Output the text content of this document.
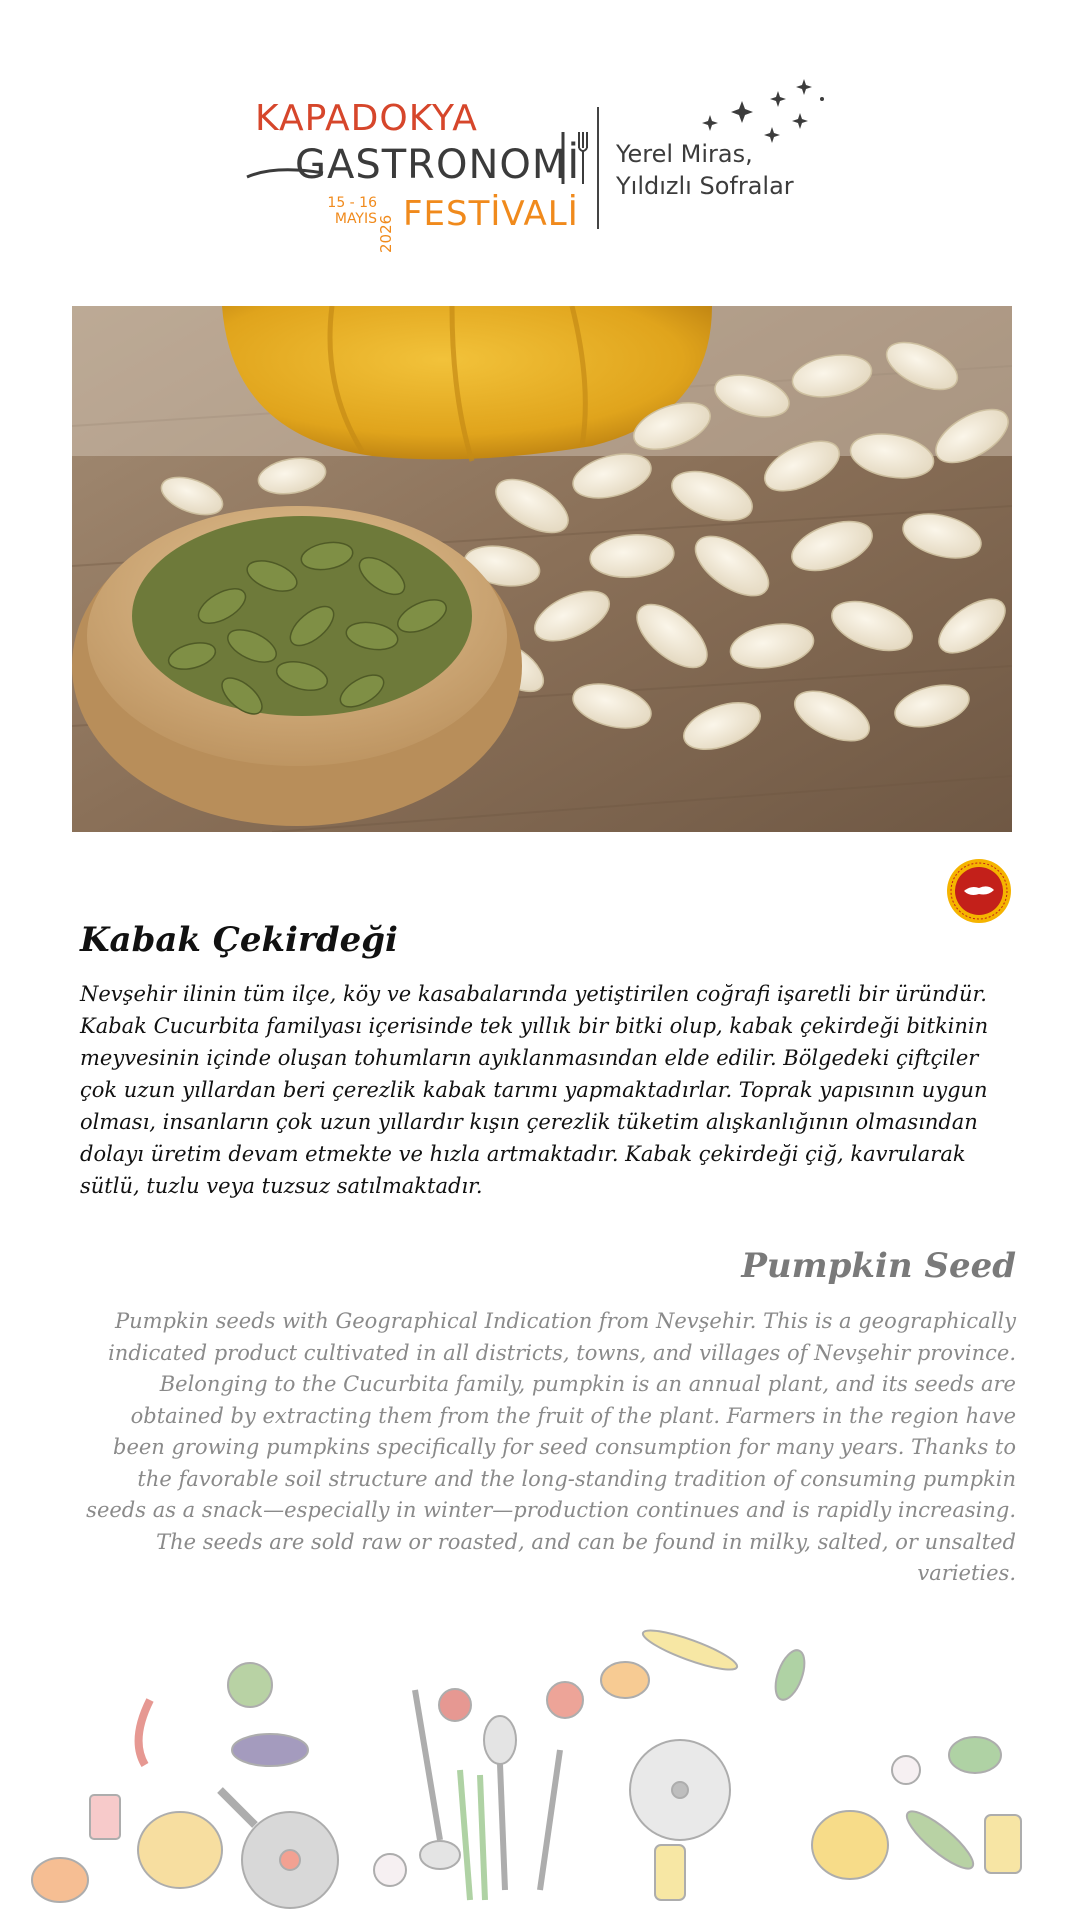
KAPADOKYA
GASTRONOMİ
15 - 16
MAYIS 2026 FESTİVALİ
Yerel Miras,
Yıldızlı Sofralar
Kabak Çekirdeği

Nevşehir ilinin tüm ilçe, köy ve kasabalarında yetiştirilen coğrafi işaretli bir üründür. Kabak Cucurbita familyası içerisinde tek yıllık bir bitki olup, kabak çekirdeği bitkinin meyvesinin içinde oluşan tohumların ayıklanmasından elde edilir. Bölgedeki çiftçiler çok uzun yıllardan beri çerezlik kabak tarımı yapmaktadırlar. Toprak yapısının uygun olması, insanların çok uzun yıllardır kışın çerezlik tüketim alışkanlığının olmasından dolayı üretim devam etmekte ve hızla artmaktadır. Kabak çekirdeği çiğ, kavrularak sütlü, tuzlu veya tuzsuz satılmaktadır.

Pumpkin Seed

Pumpkin seeds with Geographical Indication from Nevşehir. This is a geographically indicated product cultivated in all districts, towns, and villages of Nevşehir province. Belonging to the Cucurbita family, pumpkin is an annual plant, and its seeds are obtained by extracting them from the fruit of the plant. Farmers in the region have been growing pumpkins specifically for seed consumption for many years. Thanks to the favorable soil structure and the long-standing tradition of consuming pumpkin seeds as a snack—especially in winter—production continues and is rapidly increasing. The seeds are sold raw or roasted, and can be found in milky, salted, or unsalted varieties.
